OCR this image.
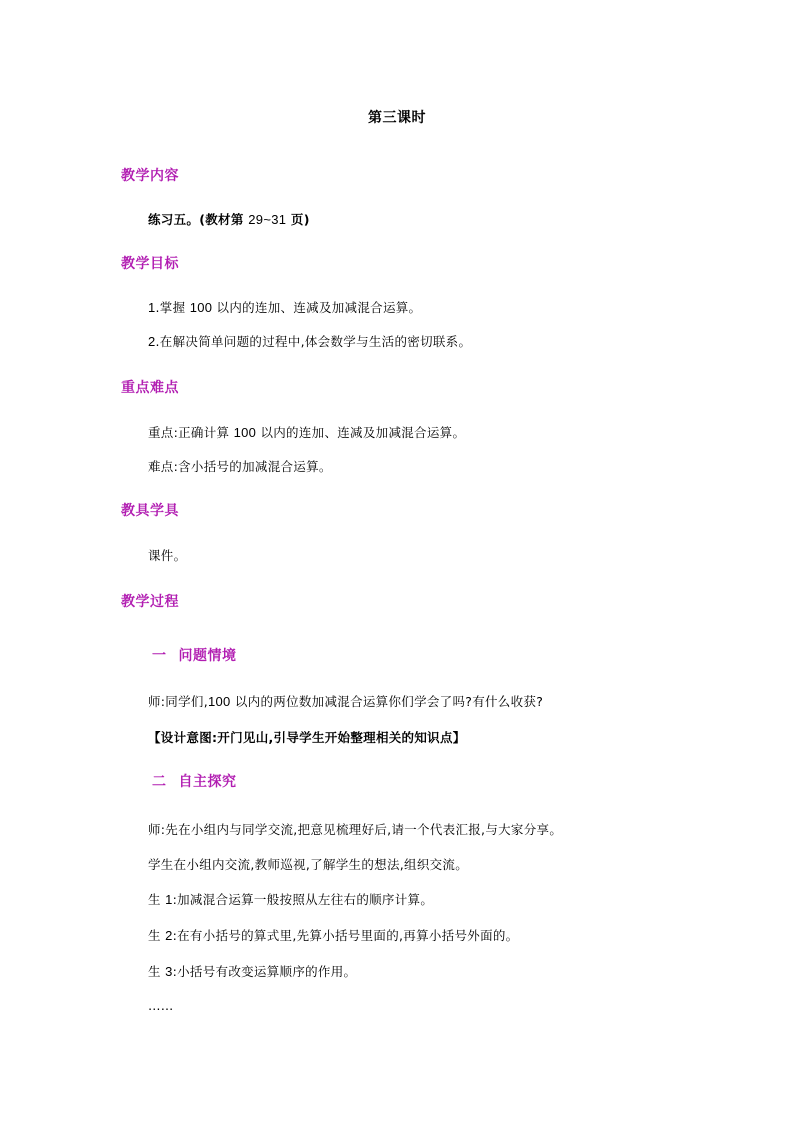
第三课时
教学内容
练习五。(教材第 29~31 页)
教学目标
1.掌握 100 以内的连加、连减及加减混合运算。
2.在解决简单问题的过程中,体会数学与生活的密切联系。
重点难点
重点:正确计算 100 以内的连加、连减及加减混合运算。
难点:含小括号的加减混合运算。
教具学具
课件。
教学过程
一 问题情境
师:同学们,100 以内的两位数加减混合运算你们学会了吗?有什么收获?
【设计意图:开门见山,引导学生开始整理相关的知识点】
二 自主探究
师:先在小组内与同学交流,把意见梳理好后,请一个代表汇报,与大家分享。
学生在小组内交流,教师巡视,了解学生的想法,组织交流。
生 1:加减混合运算一般按照从左往右的顺序计算。
生 2:在有小括号的算式里,先算小括号里面的,再算小括号外面的。
生 3:小括号有改变运算顺序的作用。
……
